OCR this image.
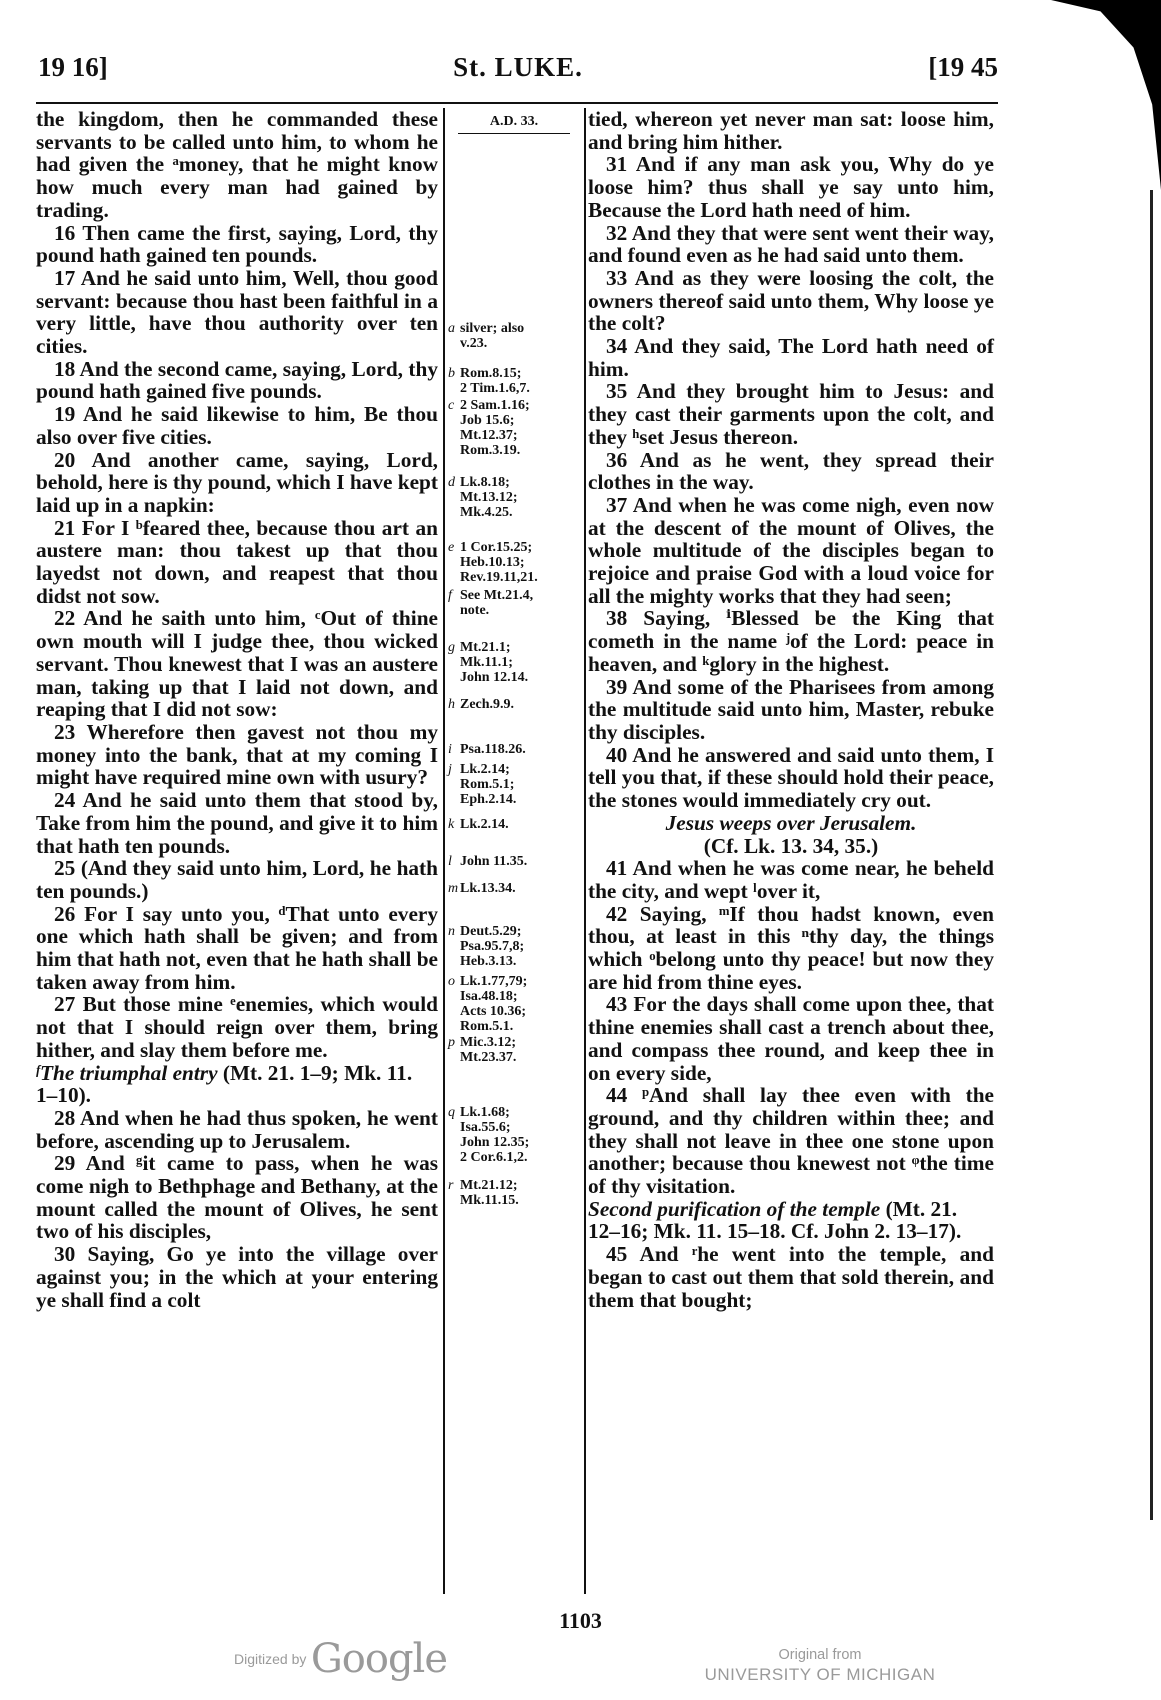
19 16]	St. LUKE.	[19 45

the kingdom, then he commanded these servants to be called unto him, to whom he had given the ᵃmoney, that he might know how much every man had gained by trading.

16 Then came the first, saying, Lord, thy pound hath gained ten pounds.

17 And he said unto him, Well, thou good servant: because thou hast been faithful in a very little, have thou authority over ten cities.

18 And the second came, saying, Lord, thy pound hath gained five pounds.

19 And he said likewise to him, Be thou also over five cities.

20 And another came, saying, Lord, behold, here is thy pound, which I have kept laid up in a napkin:

21 For I ᵇfeared thee, because thou art an austere man: thou takest up that thou layedst not down, and reapest that thou didst not sow.

22 And he saith unto him, ᶜOut of thine own mouth will I judge thee, thou wicked servant. Thou knewest that I was an austere man, taking up that I laid not down, and reaping that I did not sow:

23 Wherefore then gavest not thou my money into the bank, that at my coming I might have required mine own with usury?

24 And he said unto them that stood by, Take from him the pound, and give it to him that hath ten pounds.

25 (And they said unto him, Lord, he hath ten pounds.)

26 For I say unto you, ᵈThat unto every one which hath shall be given; and from him that hath not, even that he hath shall be taken away from him.

27 But those mine ᵉenemies, which would not that I should reign over them, bring hither, and slay them before me.

ᶠThe triumphal entry (Mt. 21. 1–9; Mk. 11. 1–10).

28 And when he had thus spoken, he went before, ascending up to Jerusalem.

29 And ᵍit came to pass, when he was come nigh to Bethphage and Bethany, at the mount called the mount of Olives, he sent two of his disciples,

30 Saying, Go ye into the village over against you; in the which at your entering ye shall find a colt

A.D. 33.
a silver; also

v.23.
b Rom.8.15;

2 Tim.1.6,7.
c 2 Sam.1.16;

Job 15.6;
Mt.12.37;
Rom.3.19.
d Lk.8.18;

Mt.13.12;
Mk.4.25.
e 1 Cor.15.25;

Heb.10.13;
Rev.19.11,21.
f See Mt.21.4,

note.
g Mt.21.1;

Mk.11.1;
John 12.14.
h Zech.9.9.

i Psa.118.26.

j Lk.2.14;

Rom.5.1;
Eph.2.14.
k Lk.2.14.

l John 11.35.

m Lk.13.34.

n Deut.5.29;

Psa.95.7,8;
Heb.3.13.
o Lk.1.77,79;

Isa.48.18;
Acts 10.36;
Rom.5.1.
p Mic.3.12;

Mt.23.37.
q Lk.1.68;

Isa.55.6;
John 12.35;
2 Cor.6.1,2.
r Mt.21.12;

Mk.11.15.

tied, whereon yet never man sat: loose him, and bring him hither.

31 And if any man ask you, Why do ye loose him? thus shall ye say unto him, Because the Lord hath need of him.

32 And they that were sent went their way, and found even as he had said unto them.

33 And as they were loosing the colt, the owners thereof said unto them, Why loose ye the colt?

34 And they said, The Lord hath need of him.

35 And they brought him to Jesus: and they cast their garments upon the colt, and they ʰset Jesus thereon.

36 And as he went, they spread their clothes in the way.

37 And when he was come nigh, even now at the descent of the mount of Olives, the whole multitude of the disciples began to rejoice and praise God with a loud voice for all the mighty works that they had seen;

38 Saying, ⁱBlessed be the King that cometh in the name ʲof the Lord: peace in heaven, and ᵏglory in the highest.

39 And some of the Pharisees from among the multitude said unto him, Master, rebuke thy disciples.

40 And he answered and said unto them, I tell you that, if these should hold their peace, the stones would immediately cry out.

Jesus weeps over Jerusalem.
(Cf. Lk. 13. 34, 35.)

41 And when he was come near, he beheld the city, and wept ˡover it,

42 Saying, ᵐIf thou hadst known, even thou, at least in this ⁿthy day, the things which ᵒbelong unto thy peace! but now they are hid from thine eyes.

43 For the days shall come upon thee, that thine enemies shall cast a trench about thee, and compass thee round, and keep thee in on every side,

44 ᵖAnd shall lay thee even with the ground, and thy children within thee; and they shall not leave in thee one stone upon another; because thou knewest not ᵠthe time of thy visitation.

Second purification of the temple (Mt. 21. 12–16; Mk. 11. 15–18. Cf. John 2. 13–17).

45 And ʳhe went into the temple, and began to cast out them that sold therein, and them that bought;

1103
Digitized by Google	Original from
UNIVERSITY OF MICHIGAN
